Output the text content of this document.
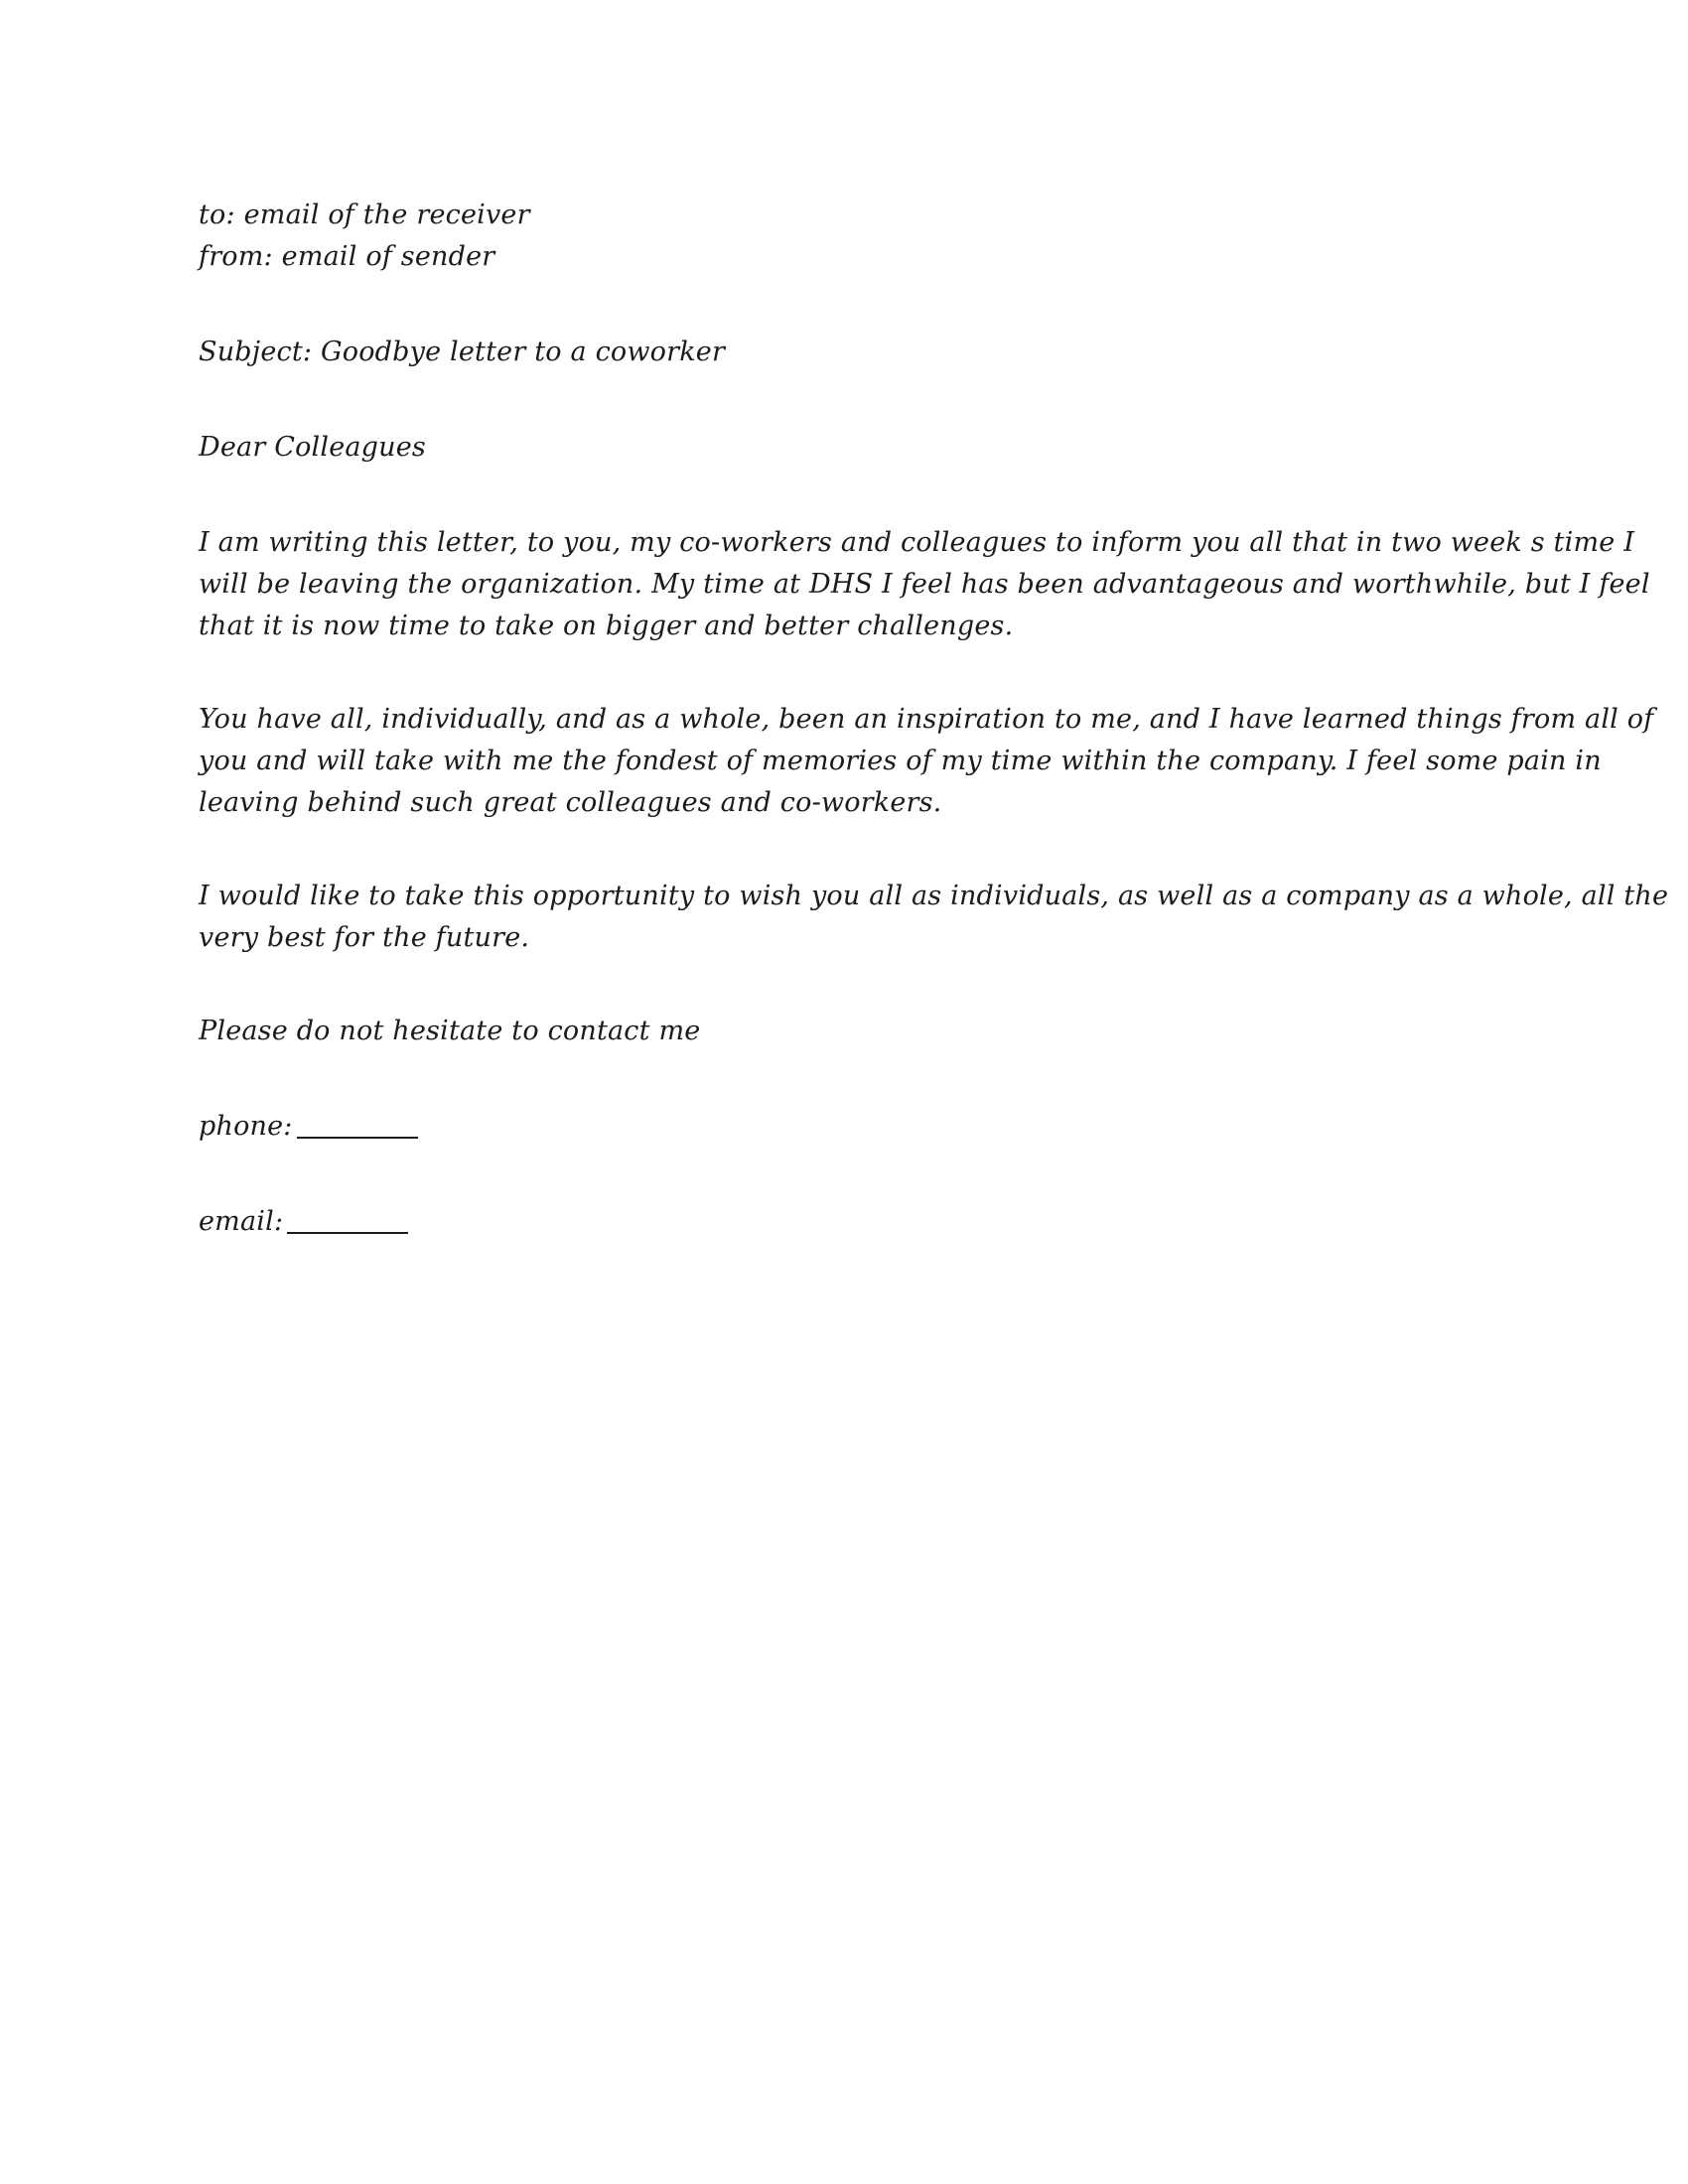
to: email of the receiver
from: email of sender
Subject: Goodbye letter to a coworker
Dear Colleagues
I am writing this letter, to you, my co-workers and colleagues to inform you all that in two week s time I
will be leaving the organization. My time at DHS I feel has been advantageous and worthwhile, but I feel
that it is now time to take on bigger and better challenges.
You have all, individually, and as a whole, been an inspiration to me, and I have learned things from all of
you and will take with me the fondest of memories of my time within the company. I feel some pain in
leaving behind such great colleagues and co-workers.
I would like to take this opportunity to wish you all as individuals, as well as a company as a whole, all the
very best for the future.
Please do not hesitate to contact me
phone:
email:
